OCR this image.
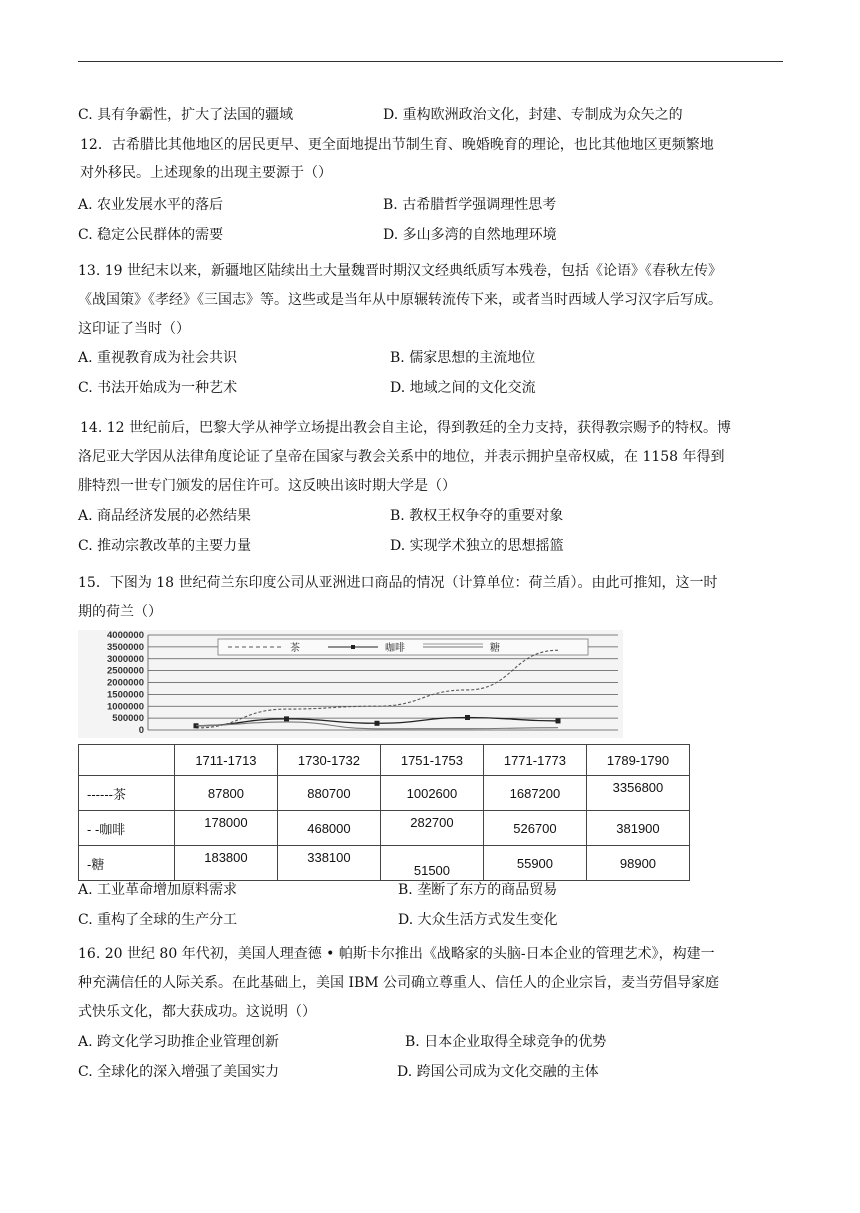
C. 具有争霸性，扩大了法国的疆域	D. 重构欧洲政治文化，封建、专制成为众矢之的
12．古希腊比其他地区的居民更早、更全面地提出节制生育、晚婚晚育的理论，也比其他地区更频繁地
对外移民。上述现象的出现主要源于（）
A. 农业发展水平的落后	B. 古希腊哲学强调理性思考
C. 稳定公民群体的需要	D. 多山多湾的自然地理环境
13. 19 世纪末以来，新疆地区陆续出土大量魏晋时期汉文经典纸质写本残卷，包括《论语》《春秋左传》
《战国策》《孝经》《三国志》等。这些或是当年从中原辗转流传下来，或者当时西域人学习汉字后写成。
这印证了当时（）
A. 重视教育成为社会共识	B. 儒家思想的主流地位
C. 书法开始成为一种艺术	D. 地域之间的文化交流
14. 12 世纪前后，巴黎大学从神学立场提出教会自主论，得到教廷的全力支持，获得教宗赐予的特权。博
洛尼亚大学因从法律角度论证了皇帝在国家与教会关系中的地位，并表示拥护皇帝权威，在 1158 年得到
腓特烈一世专门颁发的居住许可。这反映出该时期大学是（）
A. 商品经济发展的必然结果	B. 教权王权争夺的重要对象
C. 推动宗教改革的主要力量	D. 实现学术独立的思想摇篮
15．下图为 18 世纪荷兰东印度公司从亚洲进口商品的情况（计算单位：荷兰盾）。由此可推知，这一时
期的荷兰（）
4000000
3500000
3000000
2500000
2000000
1500000
1000000
500000
0
茶	咖啡	糖
	1711-1713	1730-1732	1751-1753	1771-1773	1789-1790
------茶	87800	880700	1002600	1687200	3356800
- -咖啡	178000	468000	282700	526700	381900
-糖	183800	338100	51500	55900	98900
A. 工业革命增加原料需求	B. 垄断了东方的商品贸易
C. 重构了全球的生产分工	D. 大众生活方式发生变化
16. 20 世纪 80 年代初，美国人理查德 • 帕斯卡尔推出《战略家的头脑-日本企业的管理艺术》，构建一
种充满信任的人际关系。在此基础上，美国 IBM 公司确立尊重人、信任人的企业宗旨，麦当劳倡导家庭
式快乐文化，都大获成功。这说明（）
A. 跨文化学习助推企业管理创新	B. 日本企业取得全球竞争的优势
C. 全球化的深入增强了美国实力	D. 跨国公司成为文化交融的主体
